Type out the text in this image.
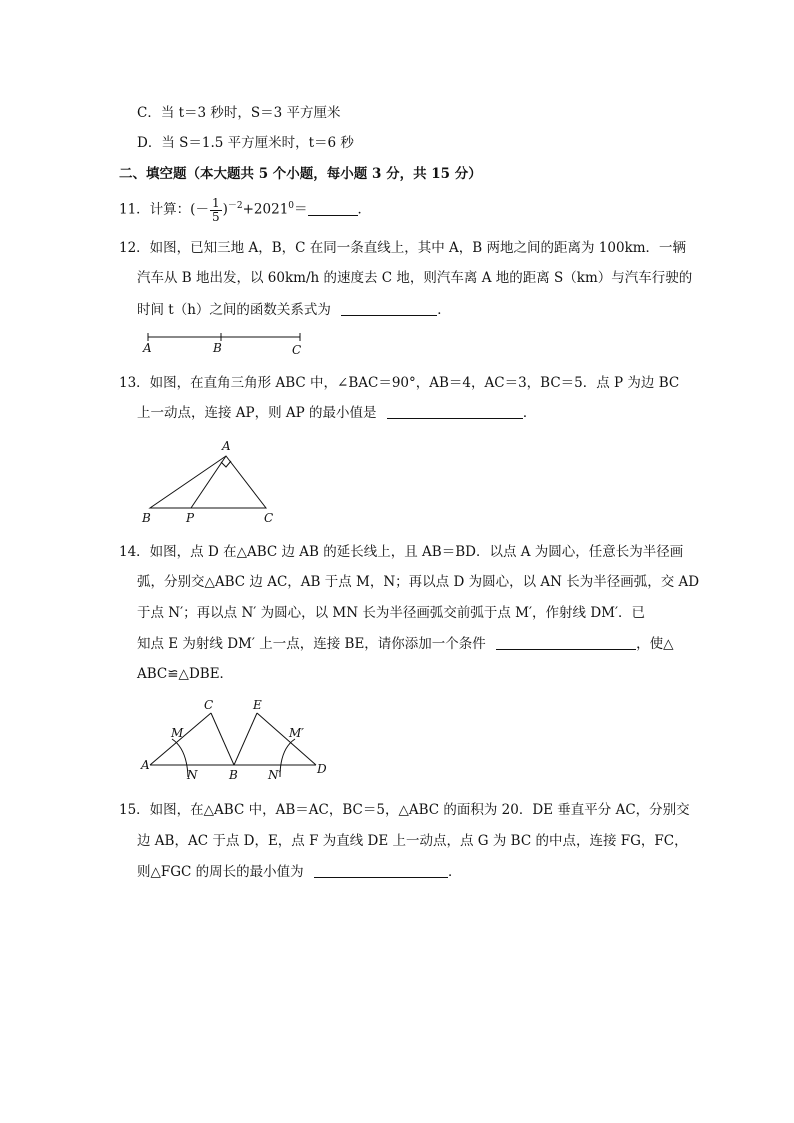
C．当 t＝3 秒时，S＝3 平方厘米
D．当 S＝1.5 平方厘米时，t＝6 秒
二、填空题（本大题共 5 个小题，每小题 3 分，共 15 分）
11．计算：(－ $\frac{1}{5} )^{-2}+2021^0=$	．
12．如图，已知三地 A，B，C 在同一条直线上，其中 A，B 两地之间的距离为 100km．一辆
汽车从 B 地出发，以 60km/h 的速度去 C 地，则汽车离 A 地的距离 S（km）与汽车行驶的
时间 t（h）之间的函数关系式为	．
A	B	C
13．如图，在直角三角形 ABC 中，∠BAC＝90°，AB＝4，AC＝3，BC＝5．点 P 为边 BC
上一动点，连接 AP，则 AP 的最小值是	．
A
B	P	C
14．如图，点 D 在△ABC 边 AB 的延长线上，且 AB＝BD．以点 A 为圆心，任意长为半径画
弧，分别交△ABC 边 AC，AB 于点 M，N；再以点 D 为圆心，以 AN 长为半径画弧，交 AD
于点 N′；再以点 N′ 为圆心，以 MN 长为半径画弧交前弧于点 M′，作射线 DM′．已
知点 E 为射线 DM′ 上一点，连接 BE，请你添加一个条件	，使△
ABC≌△DBE．
A
C	E
M	M′
N	B	N′	D
15．如图，在△ABC 中，AB＝AC，BC＝5，△ABC 的面积为 20．DE 垂直平分 AC，分别交
边 AB，AC 于点 D，E，点 F 为直线 DE 上一动点，点 G 为 BC 的中点，连接 FG，FC，
则△FGC 的周长的最小值为	．
